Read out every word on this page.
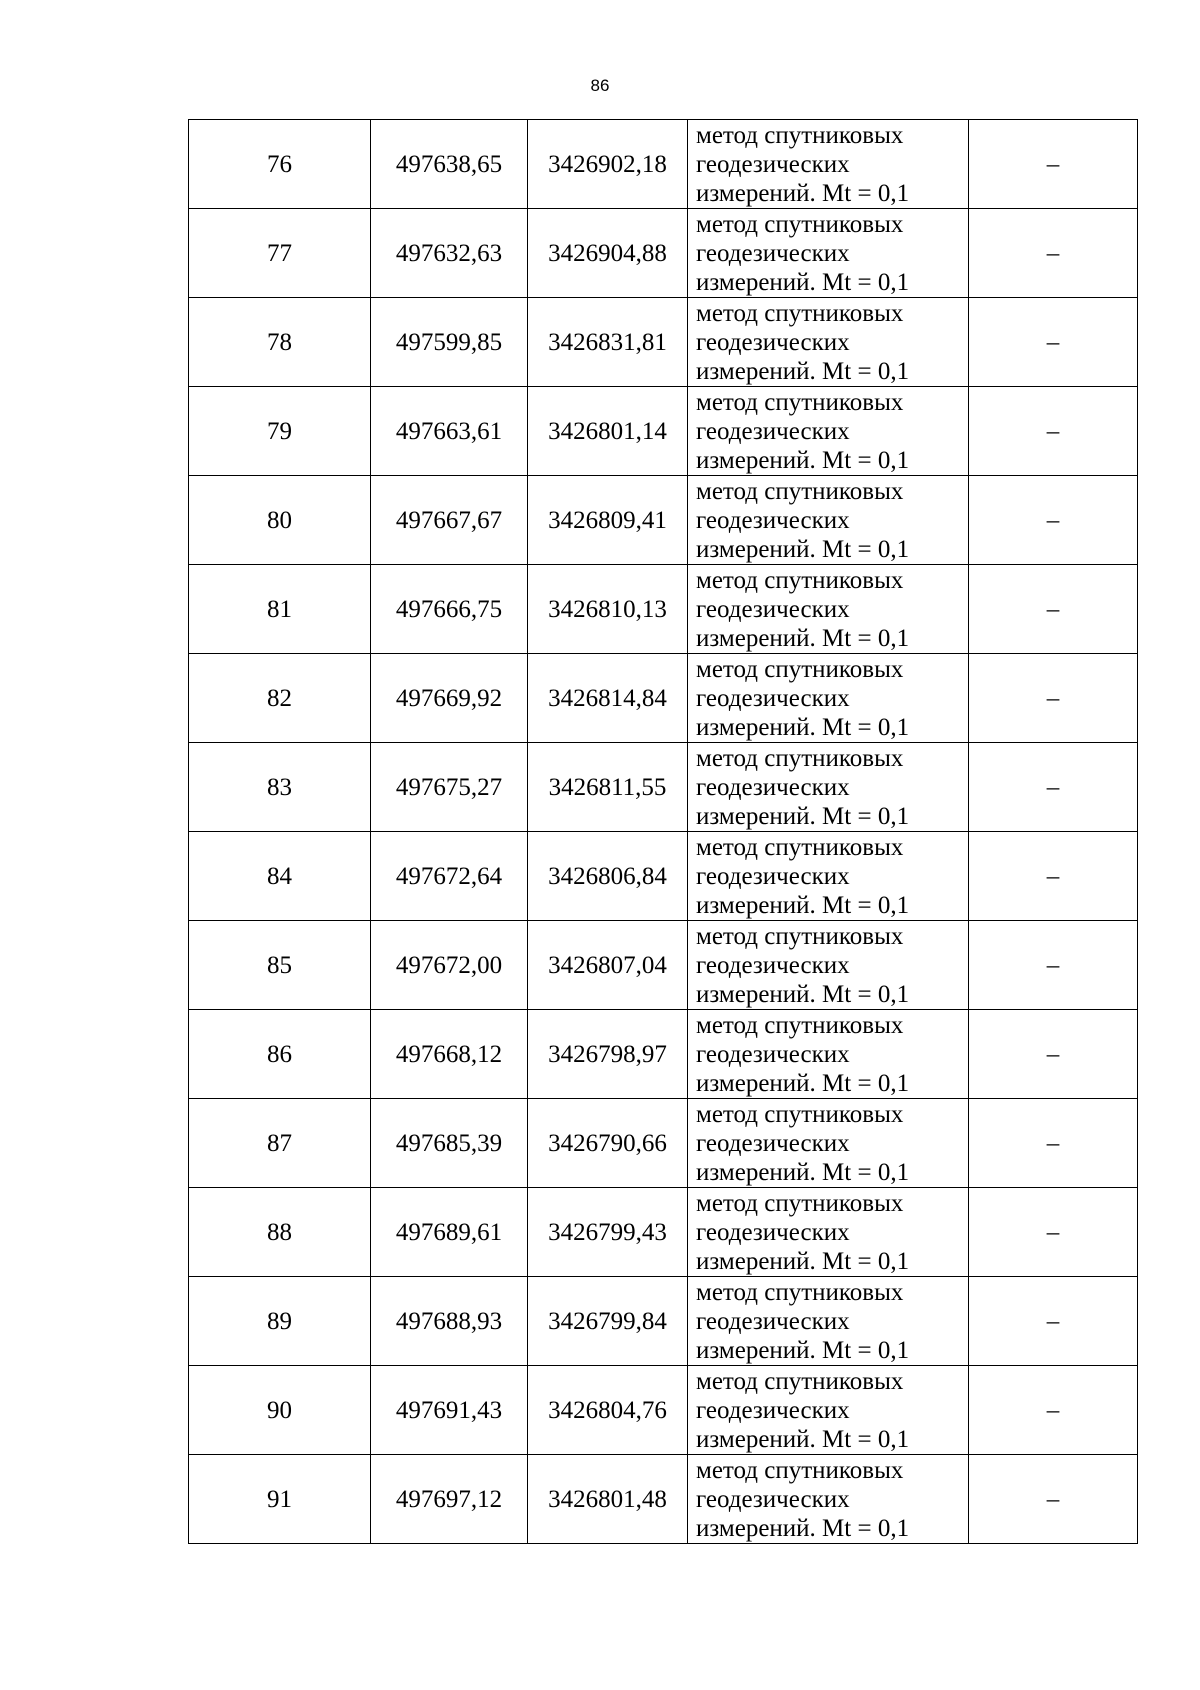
86
76	497638,65	3426902,18	метод спутниковых
геодезических
измерений. Mt = 0,1	–
77	497632,63	3426904,88	метод спутниковых
геодезических
измерений. Mt = 0,1	–
78	497599,85	3426831,81	метод спутниковых
геодезических
измерений. Mt = 0,1	–
79	497663,61	3426801,14	метод спутниковых
геодезических
измерений. Mt = 0,1	–
80	497667,67	3426809,41	метод спутниковых
геодезических
измерений. Mt = 0,1	–
81	497666,75	3426810,13	метод спутниковых
геодезических
измерений. Mt = 0,1	–
82	497669,92	3426814,84	метод спутниковых
геодезических
измерений. Mt = 0,1	–
83	497675,27	3426811,55	метод спутниковых
геодезических
измерений. Mt = 0,1	–
84	497672,64	3426806,84	метод спутниковых
геодезических
измерений. Mt = 0,1	–
85	497672,00	3426807,04	метод спутниковых
геодезических
измерений. Mt = 0,1	–
86	497668,12	3426798,97	метод спутниковых
геодезических
измерений. Mt = 0,1	–
87	497685,39	3426790,66	метод спутниковых
геодезических
измерений. Mt = 0,1	–
88	497689,61	3426799,43	метод спутниковых
геодезических
измерений. Mt = 0,1	–
89	497688,93	3426799,84	метод спутниковых
геодезических
измерений. Mt = 0,1	–
90	497691,43	3426804,76	метод спутниковых
геодезических
измерений. Mt = 0,1	–
91	497697,12	3426801,48	метод спутниковых
геодезических
измерений. Mt = 0,1	–
